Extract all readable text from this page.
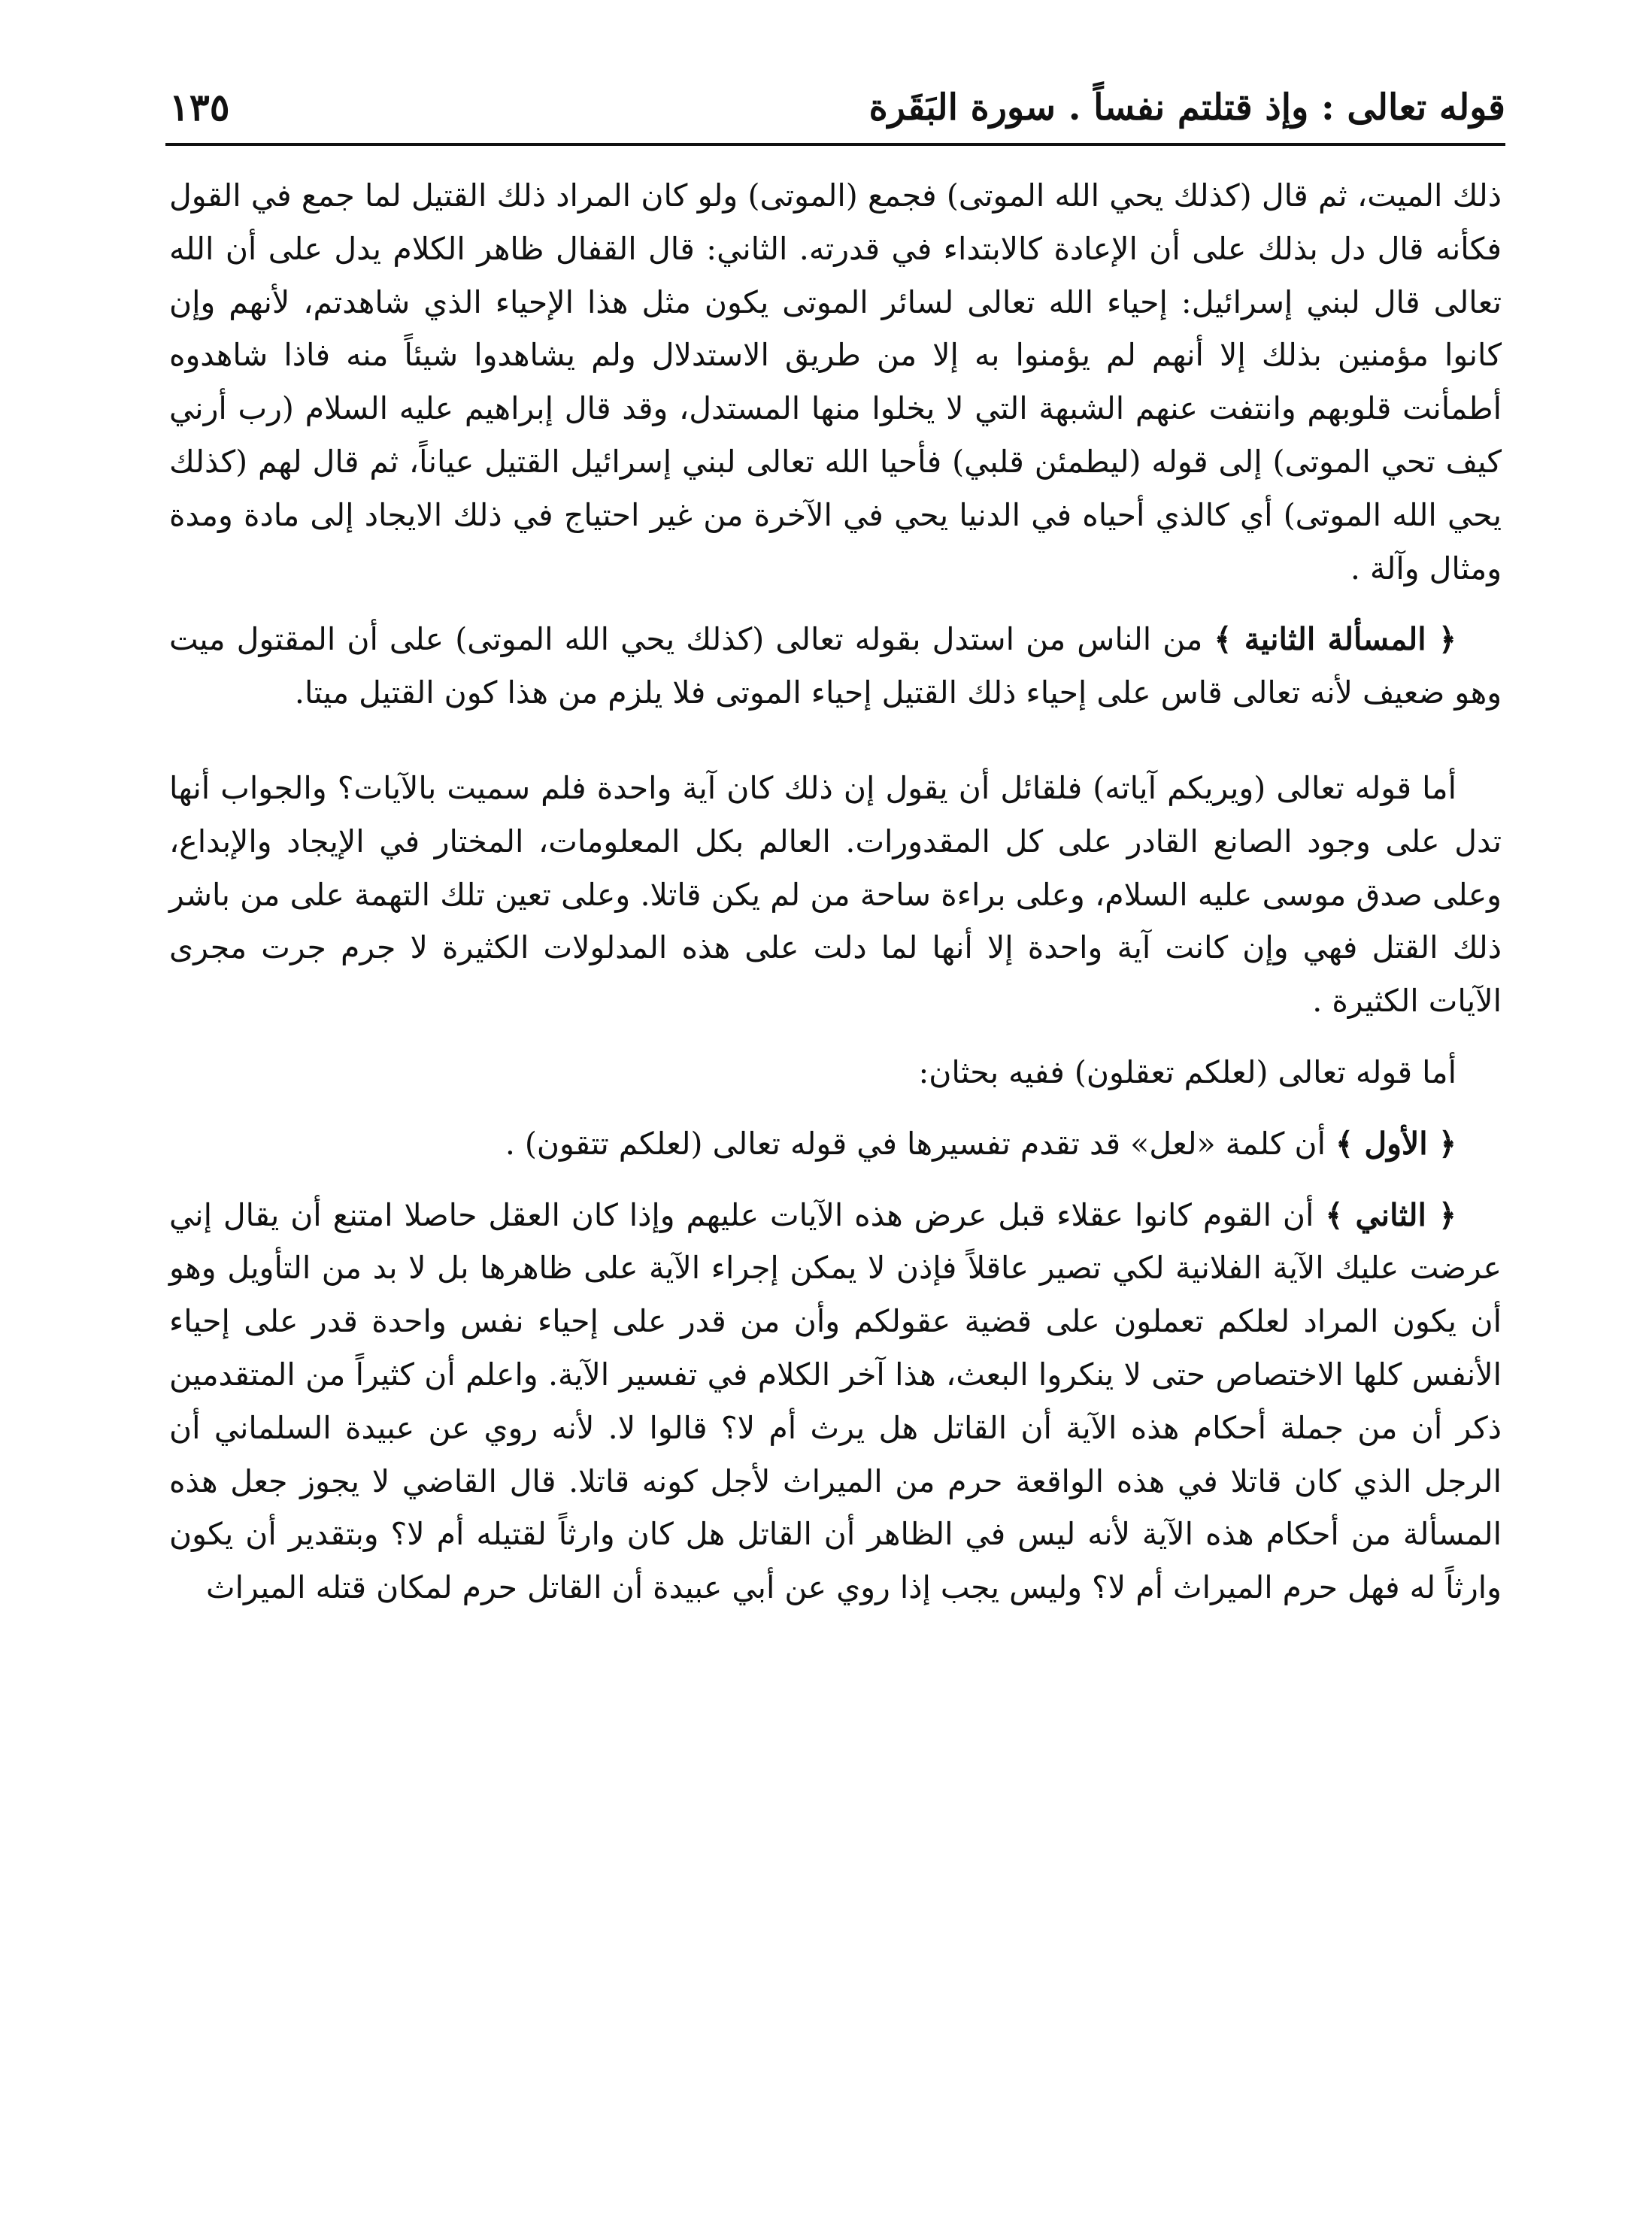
قوله تعالى : وإذ قتلتم نفساً . سورة البَقَرة
١٣٥

ذلك الميت، ثم قال (كذلك يحي الله الموتى) فجمع (الموتى) ولو كان المراد ذلك القتيل لما جمع في القول فكأنه قال دل بذلك على أن الإعادة كالابتداء في قدرته. الثاني: قال القفال ظاهر الكلام يدل على أن الله تعالى قال لبني إسرائيل: إحياء الله تعالى لسائر الموتى يكون مثل هذا الإحياء الذي شاهدتم، لأنهم وإن كانوا مؤمنين بذلك إلا أنهم لم يؤمنوا به إلا من طريق الاستدلال ولم يشاهدوا شيئاً منه فاذا شاهدوه أطمأنت قلوبهم وانتفت عنهم الشبهة التي لا يخلوا منها المستدل، وقد قال إبراهيم عليه السلام (رب أرني كيف تحي الموتى) إلى قوله (ليطمئن قلبي) فأحيا الله تعالى لبني إسرائيل القتيل عياناً، ثم قال لهم (كذلك يحي الله الموتى) أي كالذي أحياه في الدنيا يحي في الآخرة من غير احتياج في ذلك الايجاد إلى مادة ومدة ومثال وآلة .

﴿ المسألة الثانية ﴾ من الناس من استدل بقوله تعالى (كذلك يحي الله الموتى) على أن المقتول ميت وهو ضعيف لأنه تعالى قاس على إحياء ذلك القتيل إحياء الموتى فلا يلزم من هذا كون القتيل ميتا.

أما قوله تعالى (ويريكم آياته) فلقائل أن يقول إن ذلك كان آية واحدة فلم سميت بالآيات؟ والجواب أنها تدل على وجود الصانع القادر على كل المقدورات. العالم بكل المعلومات، المختار في الإيجاد والإبداع، وعلى صدق موسى عليه السلام، وعلى براءة ساحة من لم يكن قاتلا. وعلى تعين تلك التهمة على من باشر ذلك القتل فهي وإن كانت آية واحدة إلا أنها لما دلت على هذه المدلولات الكثيرة لا جرم جرت مجرى الآيات الكثيرة .

أما قوله تعالى (لعلكم تعقلون) ففيه بحثان:

﴿ الأول ﴾ أن كلمة «لعل» قد تقدم تفسيرها في قوله تعالى (لعلكم تتقون) .

﴿ الثاني ﴾ أن القوم كانوا عقلاء قبل عرض هذه الآيات عليهم وإذا كان العقل حاصلا امتنع أن يقال إني عرضت عليك الآية الفلانية لكي تصير عاقلاً فإذن لا يمكن إجراء الآية على ظاهرها بل لا بد من التأويل وهو أن يكون المراد لعلكم تعملون على قضية عقولكم وأن من قدر على إحياء نفس واحدة قدر على إحياء الأنفس كلها الاختصاص حتى لا ينكروا البعث، هذا آخر الكلام في تفسير الآية. واعلم أن كثيراً من المتقدمين ذكر أن من جملة أحكام هذه الآية أن القاتل هل يرث أم لا؟ قالوا لا. لأنه روي عن عبيدة السلماني أن الرجل الذي كان قاتلا في هذه الواقعة حرم من الميراث لأجل كونه قاتلا. قال القاضي لا يجوز جعل هذه المسألة من أحكام هذه الآية لأنه ليس في الظاهر أن القاتل هل كان وارثاً لقتيله أم لا؟ وبتقدير أن يكون وارثاً له فهل حرم الميراث أم لا؟ وليس يجب إذا روي عن أبي عبيدة أن القاتل حرم لمكان قتله الميراث
